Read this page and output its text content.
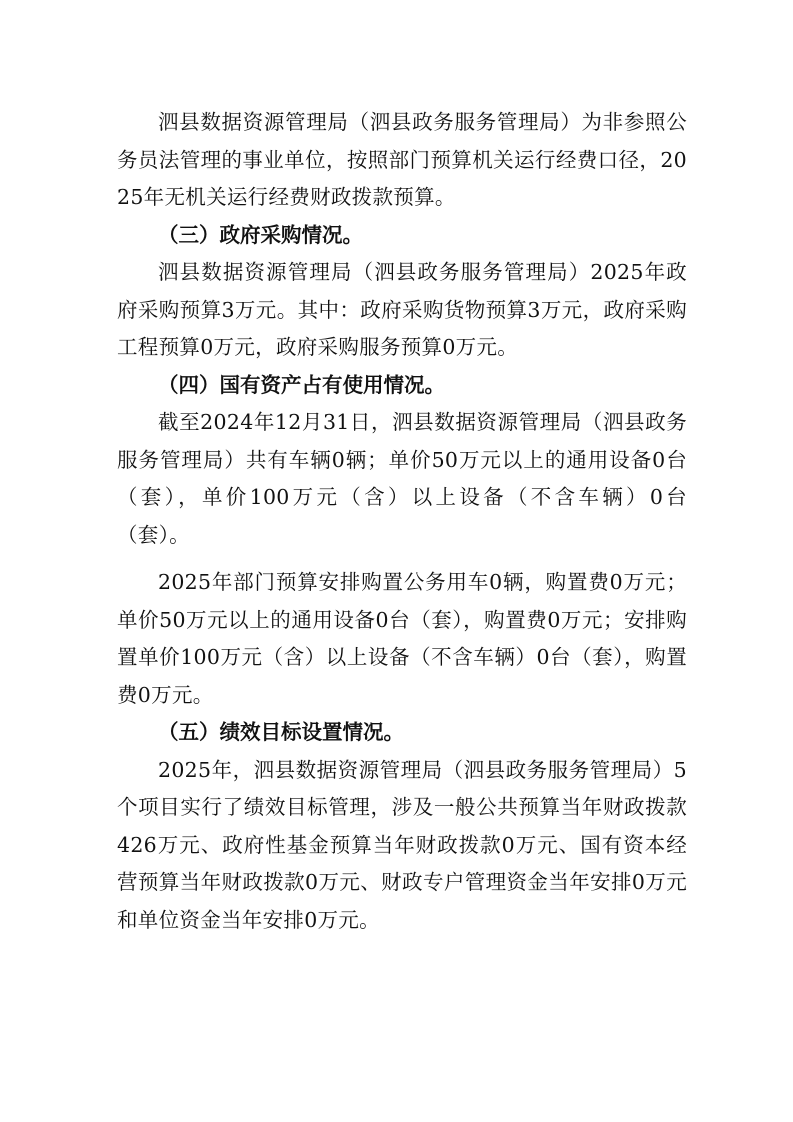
泗县数据资源管理局（泗县政务服务管理局）为非参照公务员法管理的事业单位，按照部门预算机关运行经费口径，2025年无机关运行经费财政拨款预算。

（三）政府采购情况。

泗县数据资源管理局（泗县政务服务管理局）2025年政府采购预算3万元。其中：政府采购货物预算3万元，政府采购工程预算0万元，政府采购服务预算0万元。

（四）国有资产占有使用情况。

截至2024年12月31日，泗县数据资源管理局（泗县政务服务管理局）共有车辆0辆；单价50万元以上的通用设备0台（套），单价100万元（含）以上设备（不含车辆）0台（套）。

2025年部门预算安排购置公务用车0辆，购置费0万元；单价50万元以上的通用设备0台（套），购置费0万元；安排购置单价100万元（含）以上设备（不含车辆）0台（套），购置费0万元。

（五）绩效目标设置情况。

2025年，泗县数据资源管理局（泗县政务服务管理局）5个项目实行了绩效目标管理，涉及一般公共预算当年财政拨款426万元、政府性基金预算当年财政拨款0万元、国有资本经营预算当年财政拨款0万元、财政专户管理资金当年安排0万元和单位资金当年安排0万元。
